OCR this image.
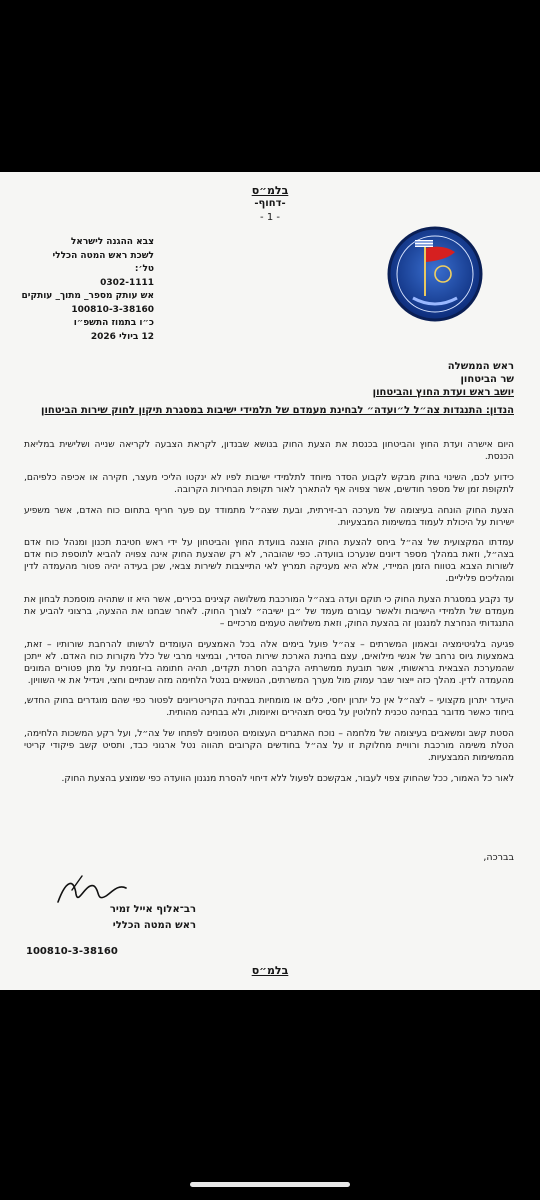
בלמ״ס
-דחוף-
- 1 -
צבא ההגנה לישראל
לשכת ראש המטה הכללי
טל׳:
0302-1111
אש עותק מספר_ מתוך_ עותקים
100810-3-38160
כ״ו בתמוז התשפ״ו
12 ביולי 2026
ראש הממשלה
שר הביטחון
יושב ראש ועדת החוץ והביטחון
הנדון: התנגדות צה״ל ל״ועדה״ לבחינת מעמדם של תלמידי ישיבות במסגרת תיקון לחוק שירות הביטחון

היום אישרה ועדת החוץ והביטחון בכנסת את הצעת החוק בנושא שבנדון, לקראת הצבעה לקריאה שנייה ושלישית במליאת הכנסת.

כידוע לכם, השינוי בחוק מבקש לקבוע הסדר מיוחד לתלמידי ישיבות לפיו לא ינקטו הליכי מעצר, חקירה או אכיפה כלפיהם, לתקופת זמן של מספר חודשים, אשר צפויה אף להתארך לאור תקופת הבחירות הקרובה.

הצעת החוק הונחה בעיצומה של מערכה רב-זירתית, ובעת שצה״ל מתמודד עם פער חריף בתחום כוח האדם, אשר משפיע ישירות על היכולת לעמוד במשימות המבצעיות.

עמדתו המקצועית של צה״ל ביחס להצעת החוק הוצגה בוועדת החוץ והביטחון על ידי ראש חטיבת תכנון ומנהל כוח אדם בצה״ל, וזאת במהלך מספר דיונים שנערכו בוועדה. כפי שהובהר, לא רק שהצעת החוק אינה צפויה להביא לתוספת כוח אדם לשורות הצבא בטווח הזמן המיידי, אלא היא מעניקה תמריץ לאי התייצבות לשירות צבאי, שכן בעידה יהיה פטור מהעמדה לדין ומהליכים פליליים.

עד נקבע במסגרת הצעת החוק כי תוקם ועדה בצה״ל המורכבת משלושה קצינים בכירים, אשר היא זו שתהיה מוסמכת לבחון את מעמדם של תלמידי הישיבות ולאשר עבורם מעמד של ״בן ישיבה״ לצורך החוק. לאחר שבחנו את ההצעה, ברצוני להביע את התנגדותי הנחרצת למנגנון זה בהצעת החוק, וזאת משלושה טעמים מרכזיים –

פגיעה בלגיטימציה ובאמון המשרתים – צה״ל פועל בימים אלה בכל האמצעים העומדים לרשותו להרחבת שורותיו – זאת, באמצעות גיוס נרחב של אנשי מילואים, עצם בחינת הארכת שירות הסדיר, ובמיצוי מרבי של כלל מקורות כוח האדם. לא ייתכן שהמערכת הצבאית בראשותי, אשר תובעת ממשרתיה הקרבה חסרת תקדים, תהיה חתומה בו-זמנית על מתן פטורים המונים מהעמדה לדין. מהלך כזה ייצור שבר עמוק מול מערך המשרתים, הנושאים בנטל הלחימה מזה שנתיים וחצי, ויגדיל את אי השוויון.

היעדר יתרון מקצועי – לצה״ל אין כל יתרון יחסי, כלים או מומחיות בבחינת הקריטריונים לפטור כפי שהם מוגדרים בחוק החדש, ביחוד כאשר מדובר בבחינה טכנית לחלוטין על בסיס תצהירים ואיומות, ולא בבחינה מהותית.

הסטת קשב ומשאבים בעיצומה של מלחמה – נוכח האתגרים העצומים הטמונים לפתחו של צה״ל, ועל רקע המשכות הלחימה, הטלת משימה מורכבת ורוויית מחלוקת זו על צה״ל בחודשים הקרובים תהווה נטל ארגוני כבד, ותסיט קשב פיקודי קריטי מהמשימות המבצעיות.

לאור כל האמור, ככל שהחוק צפוי לעבור, אבקשכם לפעול ללא דיחוי להסרת מנגנון הוועדה כפי שמוצע בהצעת החוק.

בברכה,
רב־אלוף אייל זמיר
ראש המטה הכללי
100810-3-38160
בלמ״ס
